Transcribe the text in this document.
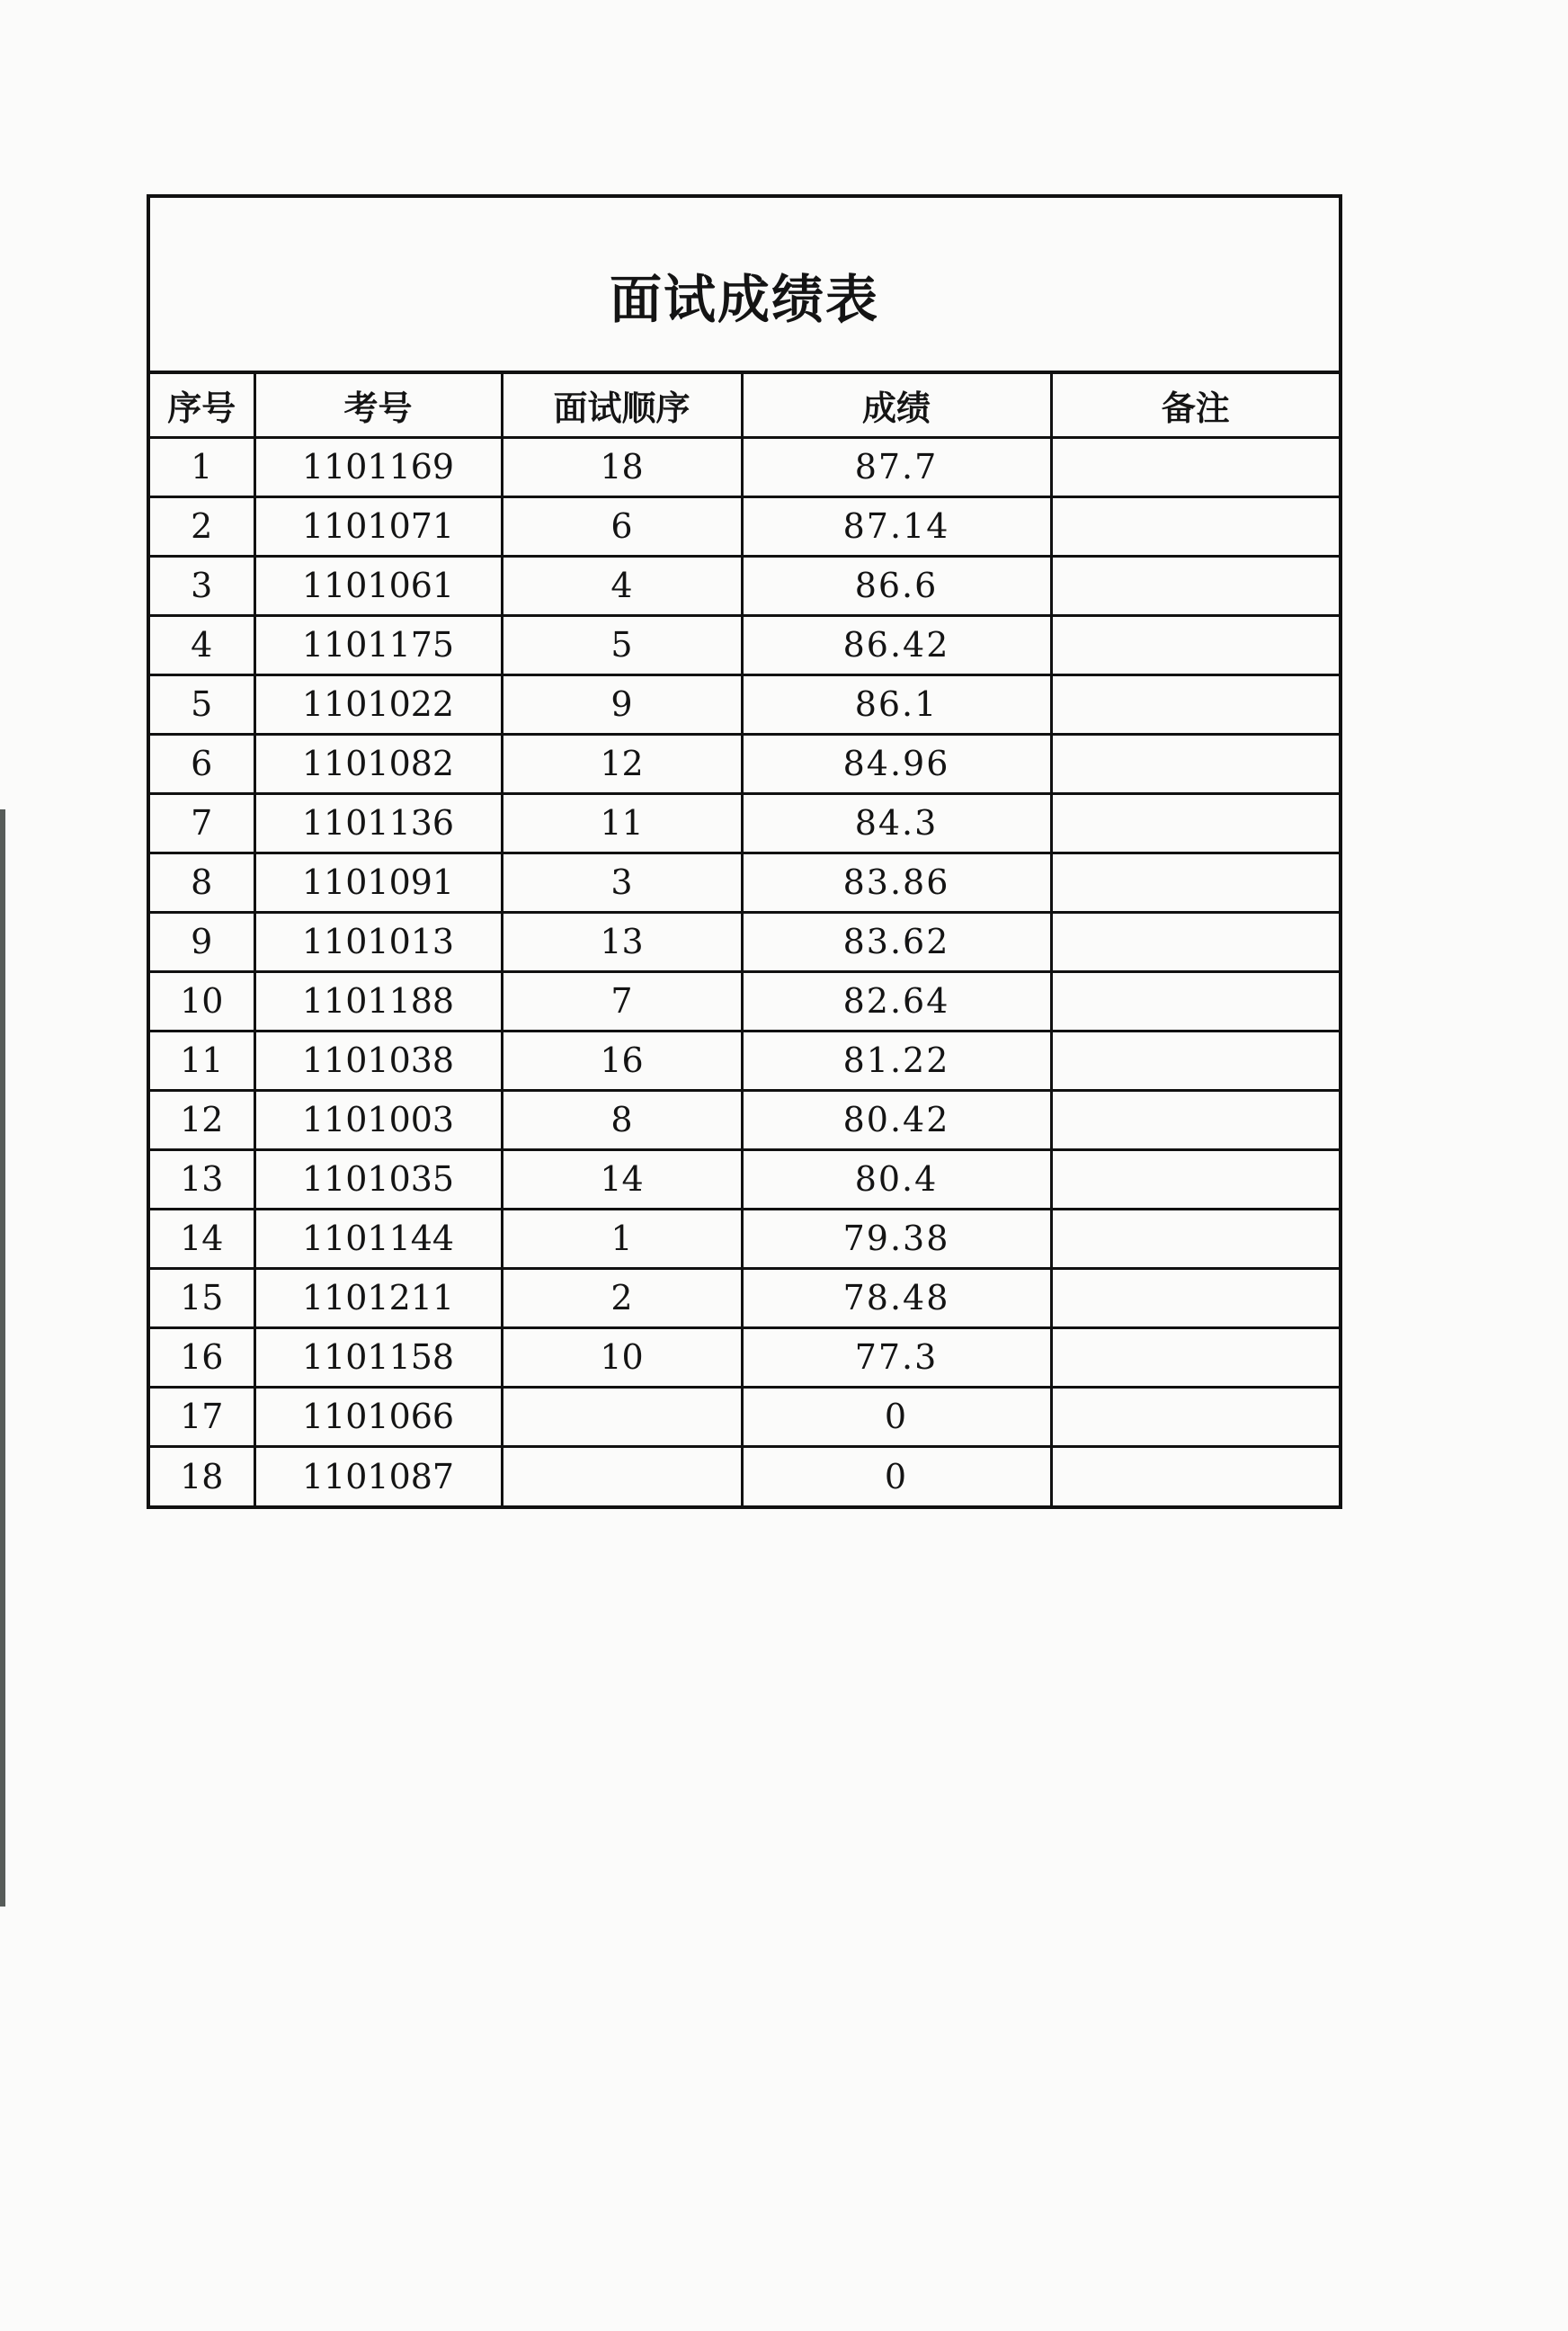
面试成绩表
序号	考号	面试顺序	成绩	备注
1	1101169	18	87.7	
2	1101071	6	87.14	
3	1101061	4	86.6	
4	1101175	5	86.42	
5	1101022	9	86.1	
6	1101082	12	84.96	
7	1101136	11	84.3	
8	1101091	3	83.86	
9	1101013	13	83.62	
10	1101188	7	82.64	
11	1101038	16	81.22	
12	1101003	8	80.42	
13	1101035	14	80.4	
14	1101144	1	79.38	
15	1101211	2	78.48	
16	1101158	10	77.3	
17	1101066		0	
18	1101087		0	
